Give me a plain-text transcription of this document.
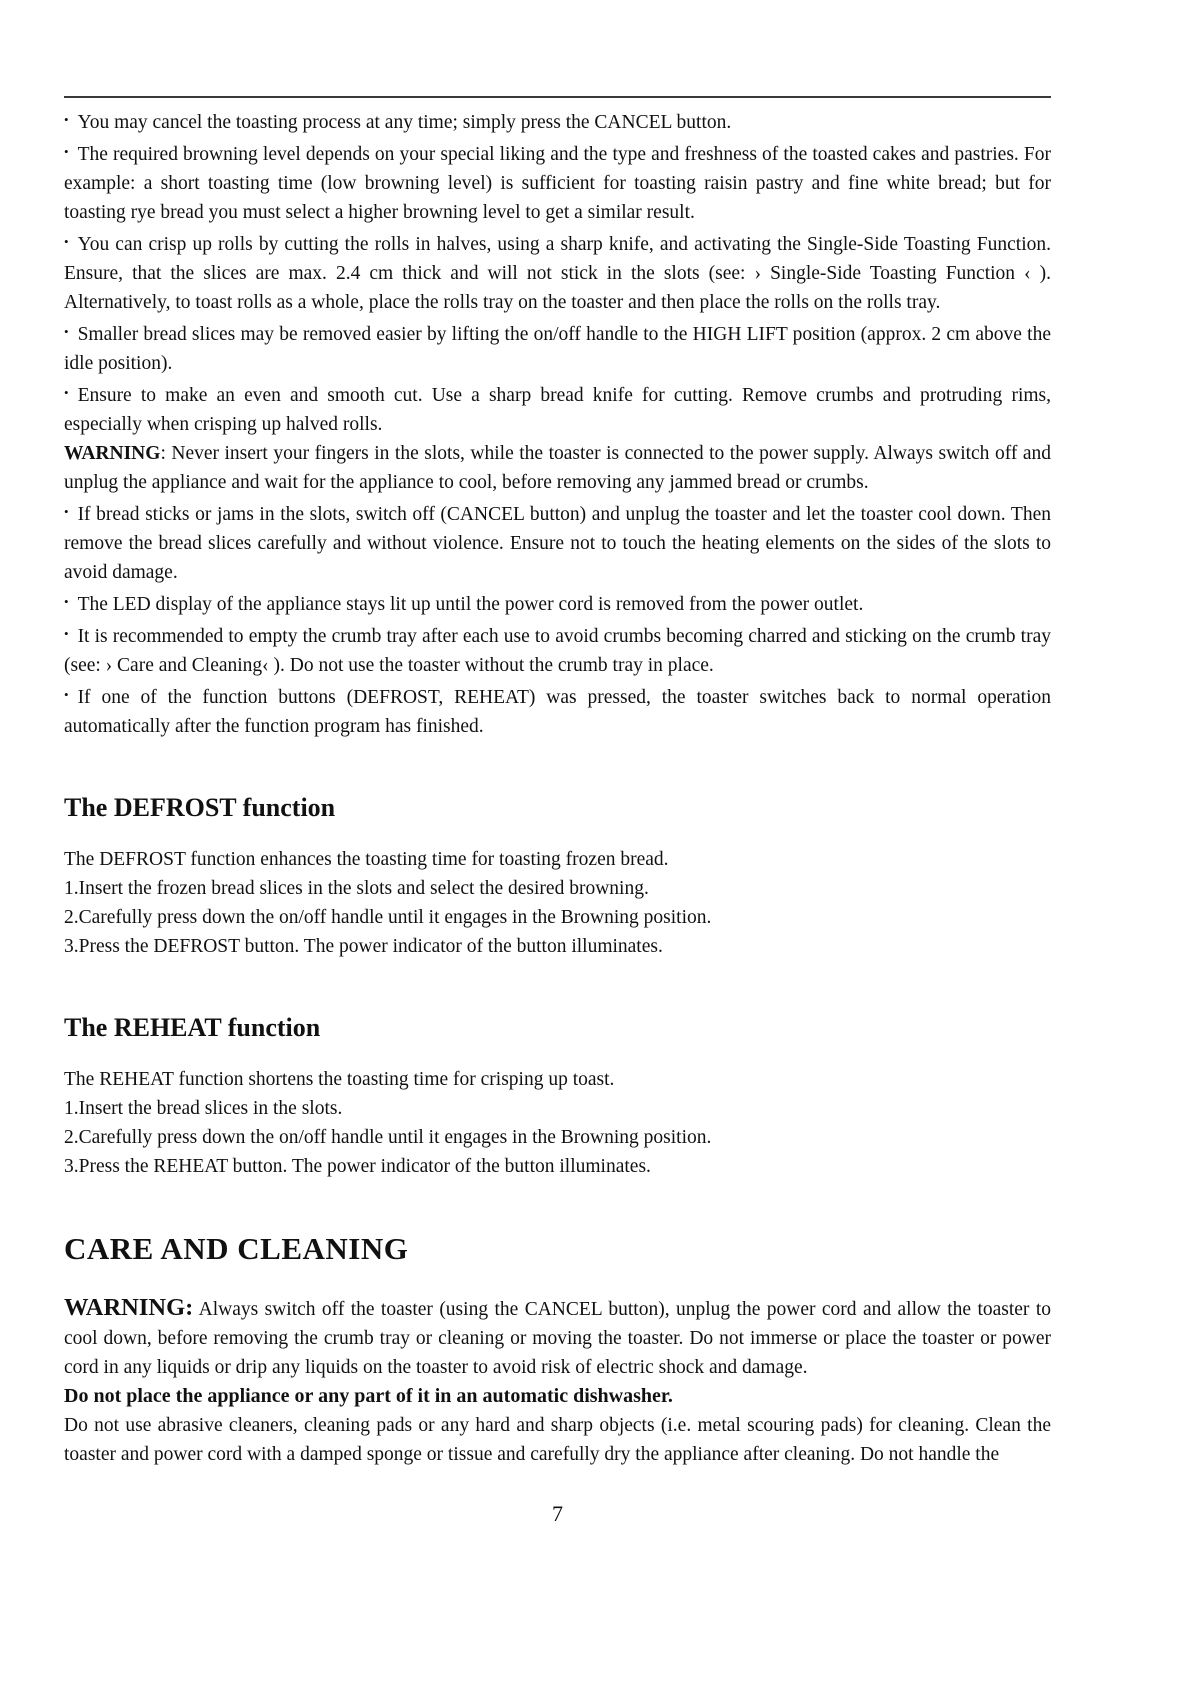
• You may cancel the toasting process at any time; simply press the CANCEL button.

• The required browning level depends on your special liking and the type and freshness of the toasted cakes and pastries. For example: a short toasting time (low browning level) is sufficient for toasting raisin pastry and fine white bread; but for toasting rye bread you must select a higher browning level to get a similar result.

• You can crisp up rolls by cutting the rolls in halves, using a sharp knife, and activating the Single-Side Toasting Function. Ensure, that the slices are max. 2.4 cm thick and will not stick in the slots (see: › Single-Side Toasting Function ‹ ). Alternatively, to toast rolls as a whole, place the rolls tray on the toaster and then place the rolls on the rolls tray.

• Smaller bread slices may be removed easier by lifting the on/off handle to the HIGH LIFT position (approx. 2 cm above the idle position).

• Ensure to make an even and smooth cut. Use a sharp bread knife for cutting. Remove crumbs and protruding rims, especially when crisping up halved rolls.

WARNING: Never insert your fingers in the slots, while the toaster is connected to the power supply. Always switch off and unplug the appliance and wait for the appliance to cool, before removing any jammed bread or crumbs.

• If bread sticks or jams in the slots, switch off (CANCEL button) and unplug the toaster and let the toaster cool down. Then remove the bread slices carefully and without violence. Ensure not to touch the heating elements on the sides of the slots to avoid damage.

• The LED display of the appliance stays lit up until the power cord is removed from the power outlet.

• It is recommended to empty the crumb tray after each use to avoid crumbs becoming charred and sticking on the crumb tray (see: › Care and Cleaning‹ ). Do not use the toaster without the crumb tray in place.

• If one of the function buttons (DEFROST, REHEAT) was pressed, the toaster switches back to normal operation automatically after the function program has finished.

The DEFROST function

The DEFROST function enhances the toasting time for toasting frozen bread.

1.Insert the frozen bread slices in the slots and select the desired browning.

2.Carefully press down the on/off handle until it engages in the Browning position.

3.Press the DEFROST button. The power indicator of the button illuminates.

The REHEAT function

The REHEAT function shortens the toasting time for crisping up toast.

1.Insert the bread slices in the slots.

2.Carefully press down the on/off handle until it engages in the Browning position.

3.Press the REHEAT button. The power indicator of the button illuminates.

CARE AND CLEANING

WARNING: Always switch off the toaster (using the CANCEL button), unplug the power cord and allow the toaster to cool down, before removing the crumb tray or cleaning or moving the toaster. Do not immerse or place the toaster or power cord in any liquids or drip any liquids on the toaster to avoid risk of electric shock and damage.

Do not place the appliance or any part of it in an automatic dishwasher.

Do not use abrasive cleaners, cleaning pads or any hard and sharp objects (i.e. metal scouring pads) for cleaning. Clean the toaster and power cord with a damped sponge or tissue and carefully dry the appliance after cleaning. Do not handle the

7
